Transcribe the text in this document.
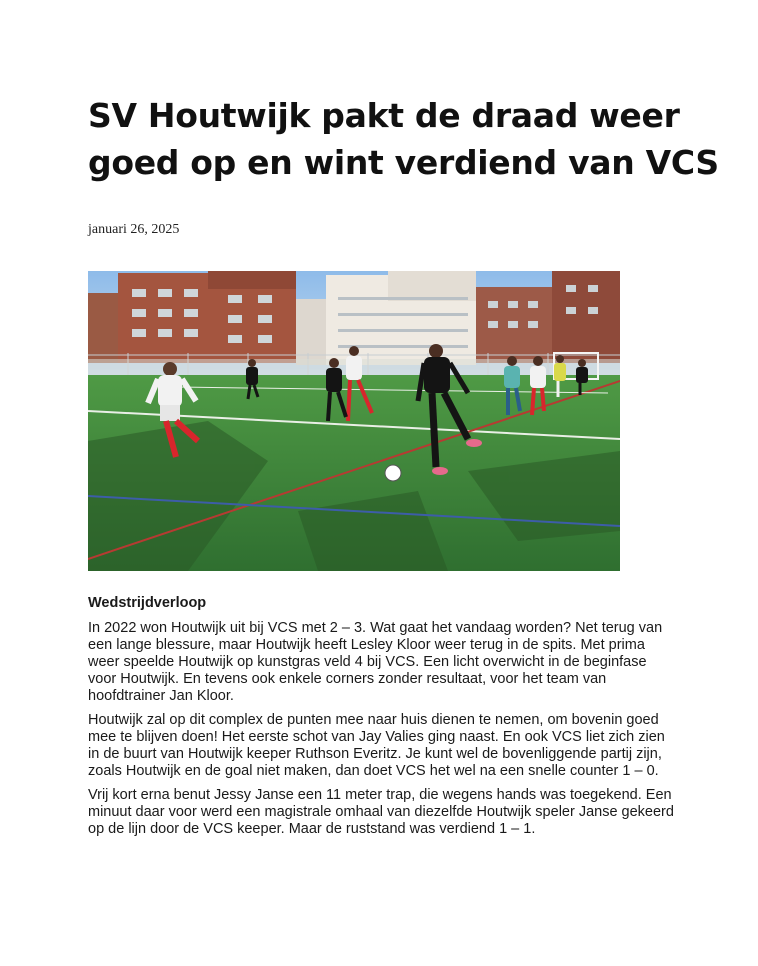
SV Houtwijk pakt de draad weer goed op en wint verdiend van VCS
januari 26, 2025
Wedstrijdverloop

In 2022 won Houtwijk uit bij VCS met 2 – 3. Wat gaat het vandaag worden? Net terug van een lange blessure, maar Houtwijk heeft Lesley Kloor weer terug in de spits. Met prima weer speelde Houtwijk op kunstgras veld 4 bij VCS. Een licht overwicht in de beginfase voor Houtwijk. En tevens ook enkele corners zonder resultaat, voor het team van hoofdtrainer Jan Kloor.

Houtwijk zal op dit complex de punten mee naar huis dienen te nemen, om bovenin goed mee te blijven doen! Het eerste schot van Jay Valies ging naast. En ook VCS liet zich zien in de buurt van Houtwijk keeper Ruthson Everitz. Je kunt wel de bovenliggende partij zijn, zoals Houtwijk en de goal niet maken, dan doet VCS het wel na een snelle counter 1 – 0.

Vrij kort erna benut Jessy Janse een 11 meter trap, die wegens hands was toegekend. Een minuut daar voor werd een magistrale omhaal van diezelfde Houtwijk speler Janse gekeerd op de lijn door de VCS keeper. Maar de ruststand was verdiend 1 – 1.
